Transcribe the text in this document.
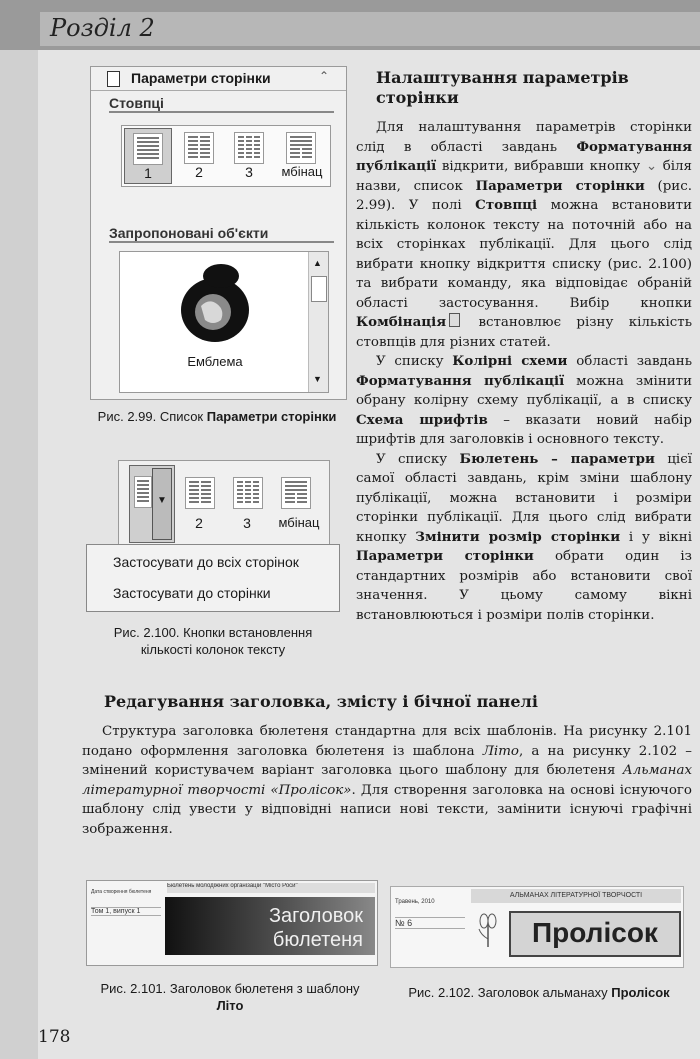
Розділ 2
Параметри сторінки	⌃
Стовпці
1	2	3	мбінац
Запропоновані об'єкти
Емблема
▲
▼
Рис. 2.99. Список Параметри сторінки
▼
2	3	мбінац
Застосувати до всіх сторінок
Застосувати до сторінки
Рис. 2.100. Кнопки встановлення кількості колонок тексту
Налаштування параметрів сторінки

Для налаштування параметрів сторінки слід в області завдань Форматування публікації відкрити, вибравши кнопку ⌄ біля назви, список Параметри сторінки (рис. 2.99). У полі Стовпці можна встановити кількість колонок тексту на поточній або на всіх сторінках публікації. Для цього слід вибрати кнопку відкриття списку (рис. 2.100) та вибрати команду, яка відповідає обраній області застосування. Вибір кнопки Комбінація встановлює різну кількість стовпців для різних статей.

У списку Колірні схеми області завдань Форматування публікації можна змінити обрану колірну схему публікації, а в списку Схема шрифтів – вказати новий набір шрифтів для заголовків і основного тексту.

У списку Бюлетень – параметри цієї самої області завдань, крім зміни шаблону публікації, можна встановити і розміри сторінки публікації. Для цього слід вибрати кнопку Змінити розмір сторінки і у вікні Параметри сторінки обрати один із стандартних розмірів або встановити свої значення. У цьому самому вікні встановлюються і розміри полів сторінки.

Редагування заголовка, змісту і бічної панелі

Структура заголовка бюлетеня стандартна для всіх шаблонів. На рисунку 2.101 подано оформлення заголовка бюлетеня із шаблона Літо, а на рисунку 2.102 – змінений користувачем варіант заголовка цього шаблону для бюлетеня Альманах літературної творчості «Пролісок». Для створення заголовка на основі існуючого шаблону слід увести у відповідні написи нові тексти, замінити існуючі графічні зображення.

Бюлетень молодіжних організацій "Місто Роси"
Дата створення бюлетеня
Том 1, випуск 1	Заголовок
бюлетеня
Рис. 2.101. Заголовок бюлетеня з шаблону Літо
АЛЬМАНАХ ЛІТЕРАТУРНОЇ ТВОРЧОСТІ
Травень, 2010
№ 6	Пролісок
Рис. 2.102. Заголовок альманаху Пролісок
178
